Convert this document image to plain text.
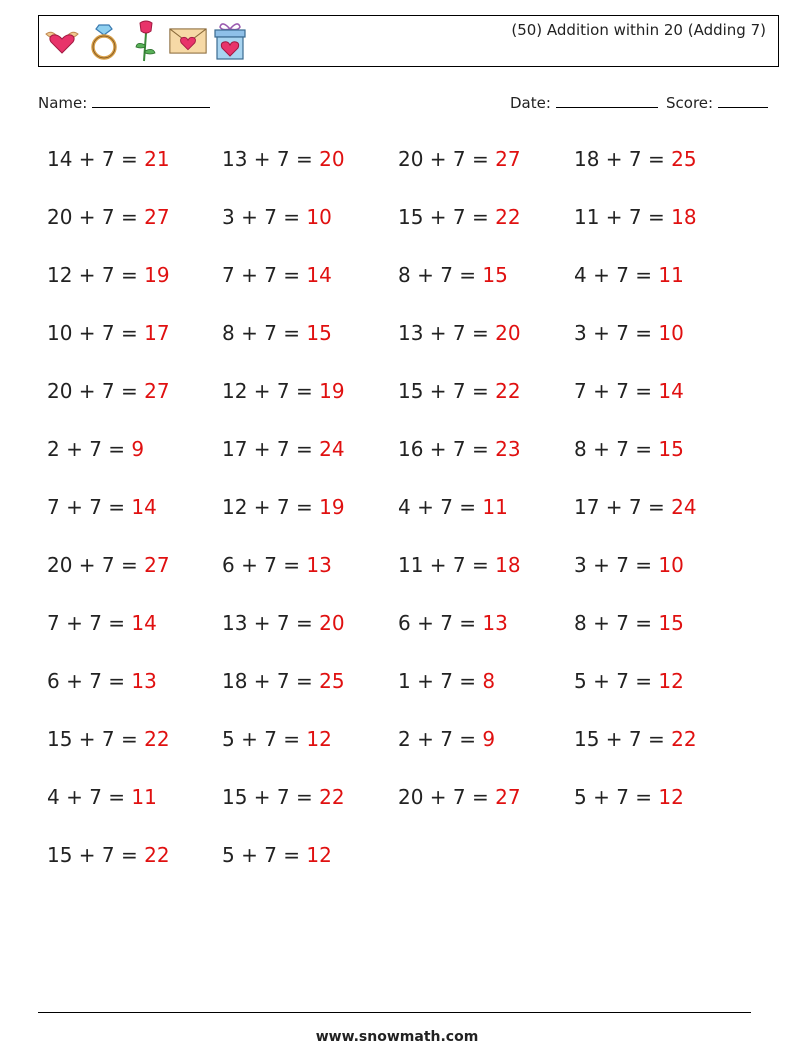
(50) Addition within 20 (Adding 7)
Name:	Date:	Score:
14 + 7 = 21	13 + 7 = 20	20 + 7 = 27	18 + 7 = 25
20 + 7 = 27	3 + 7 = 10	15 + 7 = 22	11 + 7 = 18
12 + 7 = 19	7 + 7 = 14	8 + 7 = 15	4 + 7 = 11
10 + 7 = 17	8 + 7 = 15	13 + 7 = 20	3 + 7 = 10
20 + 7 = 27	12 + 7 = 19	15 + 7 = 22	7 + 7 = 14
2 + 7 = 9	17 + 7 = 24	16 + 7 = 23	8 + 7 = 15
7 + 7 = 14	12 + 7 = 19	4 + 7 = 11	17 + 7 = 24
20 + 7 = 27	6 + 7 = 13	11 + 7 = 18	3 + 7 = 10
7 + 7 = 14	13 + 7 = 20	6 + 7 = 13	8 + 7 = 15
6 + 7 = 13	18 + 7 = 25	1 + 7 = 8	5 + 7 = 12
15 + 7 = 22	5 + 7 = 12	2 + 7 = 9	15 + 7 = 22
4 + 7 = 11	15 + 7 = 22	20 + 7 = 27	5 + 7 = 12
15 + 7 = 22	5 + 7 = 12
www.snowmath.com
